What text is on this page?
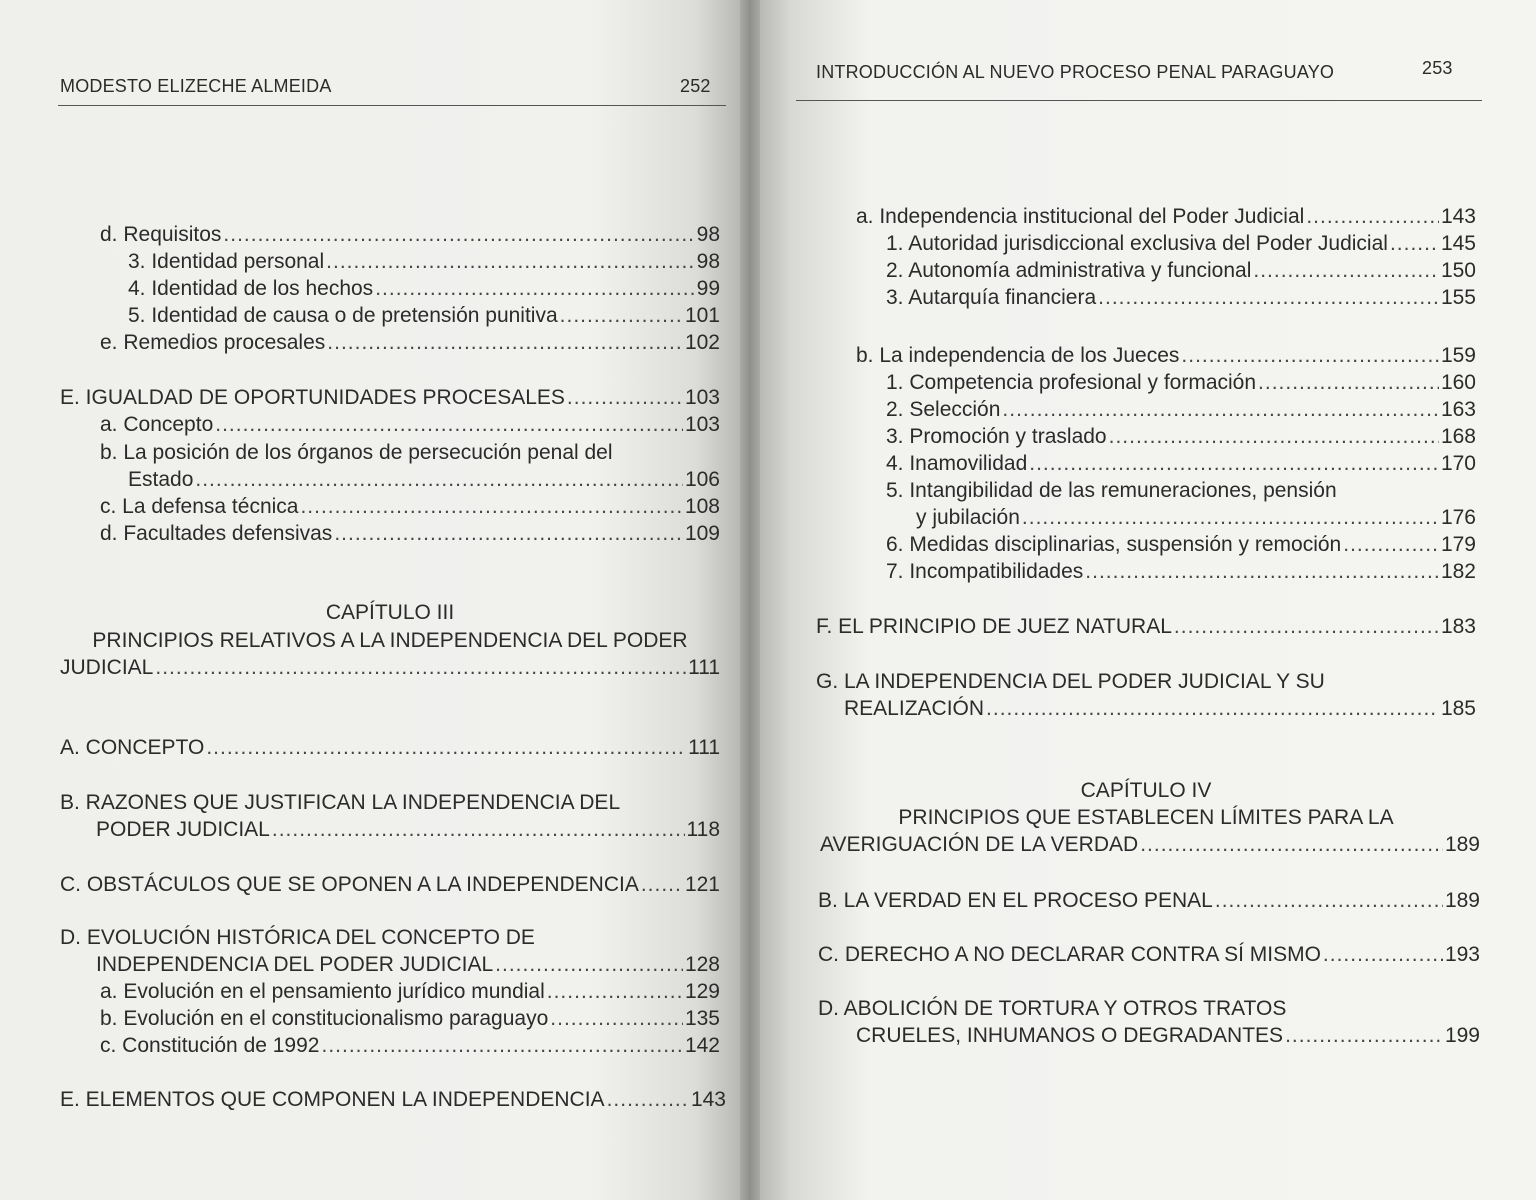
MODESTO ELIZECHE ALMEIDA	252
d. Requisitos .....	98
3. Identidad personal .....	98
4. Identidad de los hechos .....	99
5. Identidad de causa o de pretensión punitiva .....	101
e. Remedios procesales .....	102
E. IGUALDAD DE OPORTUNIDADES PROCESALES .....	103
a. Concepto .....	103
b. La posición de los órganos de persecución penal del
Estado .....	106
c. La defensa técnica .....	108
d. Facultades defensivas .....	109
CAPÍTULO III
PRINCIPIOS RELATIVOS A LA INDEPENDENCIA DEL PODER
JUDICIAL .....	111
A. CONCEPTO .....	111
B. RAZONES QUE JUSTIFICAN LA INDEPENDENCIA DEL
PODER JUDICIAL .....	118
C. OBSTÁCULOS QUE SE OPONEN A LA INDEPENDENCIA ..... 121
D. EVOLUCIÓN HISTÓRICA DEL CONCEPTO DE
INDEPENDENCIA DEL PODER JUDICIAL .....	128
a. Evolución en el pensamiento jurídico mundial .....	129
b. Evolución en el constitucionalismo paraguayo .....	135
c. Constitución de 1992 .....	142
E. ELEMENTOS QUE COMPONEN LA INDEPENDENCIA .....	143
INTRODUCCIÓN AL NUEVO PROCESO PENAL PARAGUAYO	253
a. Independencia institucional del Poder Judicial .....	143
1. Autoridad jurisdiccional exclusiva del Poder Judicial .....	145
2. Autonomía administrativa y funcional .....	150
3. Autarquía financiera .....	155
b. La independencia de los Jueces .....	159
1. Competencia profesional y formación .....	160
2. Selección .....	163
3. Promoción y traslado .....	168
4. Inamovilidad .....	170
5. Intangibilidad de las remuneraciones, pensión
y jubilación .....	176
6. Medidas disciplinarias, suspensión y remoción .....	179
7. Incompatibilidades .....	182
F. EL PRINCIPIO DE JUEZ NATURAL .....	183
G. LA INDEPENDENCIA DEL PODER JUDICIAL Y SU
REALIZACIÓN .....	185
CAPÍTULO IV
PRINCIPIOS QUE ESTABLECEN LÍMITES PARA LA
AVERIGUACIÓN DE LA VERDAD .....	189
B. LA VERDAD EN EL PROCESO PENAL .....	189
C. DERECHO A NO DECLARAR CONTRA SÍ MISMO .....	193
D. ABOLICIÓN DE TORTURA Y OTROS TRATOS
CRUELES, INHUMANOS O DEGRADANTES .....	199
